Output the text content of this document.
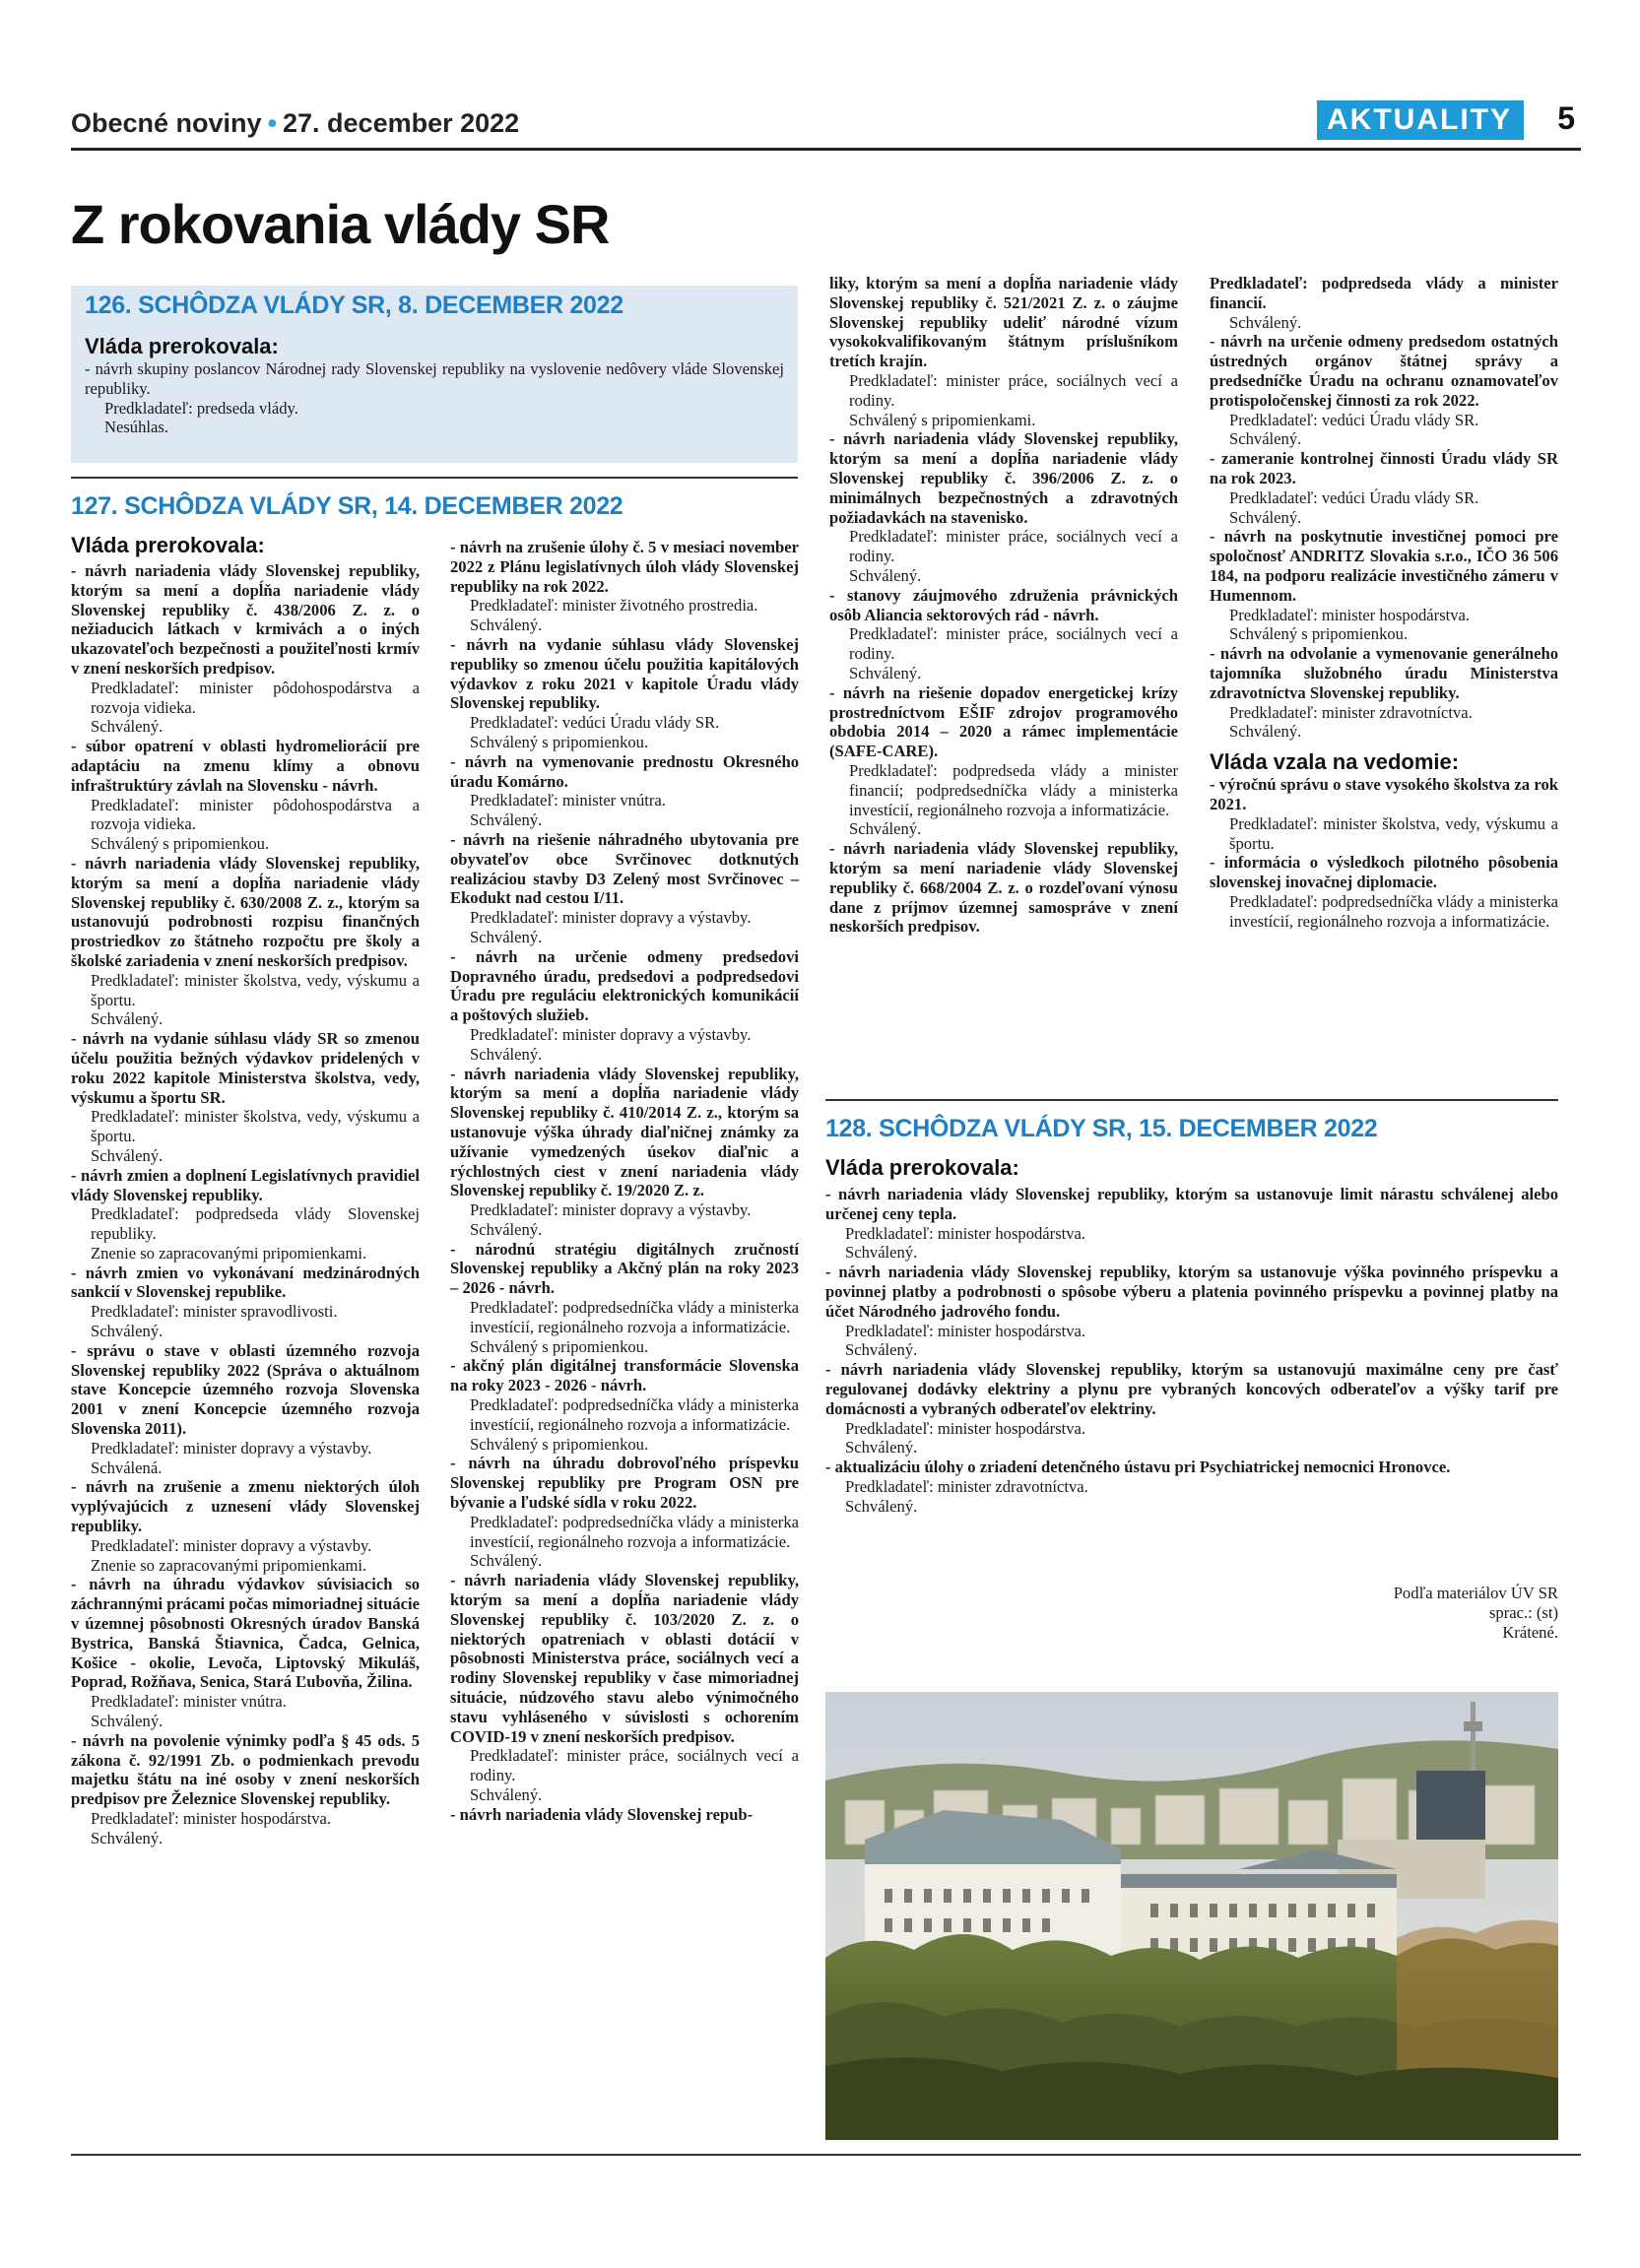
Obecné noviny • 27. december 2022	AKTUALITY	5
Z rokovania vlády SR
126. SCHÔDZA VLÁDY SR, 8. DECEMBER 2022
Vláda prerokovala:

- návrh skupiny poslancov Národnej rady Slovenskej republiky na vyslovenie nedôvery vláde Slovenskej republiky.

Predkladateľ: predseda vlády.

Nesúhlas.

127. SCHÔDZA VLÁDY SR, 14. DECEMBER 2022
Vláda prerokovala:

- návrh nariadenia vlády Slovenskej republiky, ktorým sa mení a dopĺňa nariadenie vlády Slovenskej republiky č. 438/2006 Z. z. o nežiaducich látkach v krmivách a o iných ukazovateľoch bezpečnosti a použiteľnosti krmív v znení neskorších predpisov.

Predkladateľ: minister pôdohospodárstva a rozvoja vidieka.

Schválený.

- súbor opatrení v oblasti hydromeliorácií pre adaptáciu na zmenu klímy a obnovu infraštruktúry závlah na Slovensku - návrh.

Predkladateľ: minister pôdohospodárstva a rozvoja vidieka.

Schválený s pripomienkou.

- návrh nariadenia vlády Slovenskej republiky, ktorým sa mení a dopĺňa nariadenie vlády Slovenskej republiky č. 630/2008 Z. z., ktorým sa ustanovujú podrobnosti rozpisu finančných prostriedkov zo štátneho rozpočtu pre školy a školské zariadenia v znení neskorších predpisov.

Predkladateľ: minister školstva, vedy, výskumu a športu.

Schválený.

- návrh na vydanie súhlasu vlády SR so zmenou účelu použitia bežných výdavkov pridelených v roku 2022 kapitole Ministerstva školstva, vedy, výskumu a športu SR.

Predkladateľ: minister školstva, vedy, výskumu a športu.

Schválený.

- návrh zmien a doplnení Legislatívnych pravidiel vlády Slovenskej republiky.

Predkladateľ: podpredseda vlády Slovenskej republiky.

Znenie so zapracovanými pripomienkami.

- návrh zmien vo vykonávaní medzinárodných sankcií v Slovenskej republike.

Predkladateľ: minister spravodlivosti.

Schválený.

- správu o stave v oblasti územného rozvoja Slovenskej republiky 2022 (Správa o aktuálnom stave Koncepcie územného rozvoja Slovenska 2001 v znení Koncepcie územného rozvoja Slovenska 2011).

Predkladateľ: minister dopravy a výstavby.

Schválená.

- návrh na zrušenie a zmenu niektorých úloh vyplývajúcich z uznesení vlády Slovenskej republiky.

Predkladateľ: minister dopravy a výstavby.

Znenie so zapracovanými pripomienkami.

- návrh na úhradu výdavkov súvisiacich so záchrannými prácami počas mimoriadnej situácie v územnej pôsobnosti Okresných úradov Banská Bystrica, Banská Štiavnica, Čadca, Gelnica, Košice - okolie, Levoča, Liptovský Mikuláš, Poprad, Rožňava, Senica, Stará Ľubovňa, Žilina.

Predkladateľ: minister vnútra.

Schválený.

- návrh na povolenie výnimky podľa § 45 ods. 5 zákona č. 92/1991 Zb. o podmienkach prevodu majetku štátu na iné osoby v znení neskorších predpisov pre Železnice Slovenskej republiky.

Predkladateľ: minister hospodárstva.

Schválený.

- návrh na zrušenie úlohy č. 5 v mesiaci november 2022 z Plánu legislatívnych úloh vlády Slovenskej republiky na rok 2022.

Predkladateľ: minister životného prostredia.

Schválený.

- návrh na vydanie súhlasu vlády Slovenskej republiky so zmenou účelu použitia kapitálových výdavkov z roku 2021 v kapitole Úradu vlády Slovenskej republiky.

Predkladateľ: vedúci Úradu vlády SR.

Schválený s pripomienkou.

- návrh na vymenovanie prednostu Okresného úradu Komárno.

Predkladateľ: minister vnútra.

Schválený.

- návrh na riešenie náhradného ubytovania pre obyvateľov obce Svrčinovec dotknutých realizáciou stavby D3 Zelený most Svrčinovec – Ekodukt nad cestou I/11.

Predkladateľ: minister dopravy a výstavby.

Schválený.

- návrh na určenie odmeny predsedovi Dopravného úradu, predsedovi a podpredsedovi Úradu pre reguláciu elektronických komunikácií a poštových služieb.

Predkladateľ: minister dopravy a výstavby.

Schválený.

- návrh nariadenia vlády Slovenskej republiky, ktorým sa mení a dopĺňa nariadenie vlády Slovenskej republiky č. 410/2014 Z. z., ktorým sa ustanovuje výška úhrady diaľničnej známky za užívanie vymedzených úsekov diaľnic a rýchlostných ciest v znení nariadenia vlády Slovenskej republiky č. 19/2020 Z. z.

Predkladateľ: minister dopravy a výstavby.

Schválený.

- národnú stratégiu digitálnych zručností Slovenskej republiky a Akčný plán na roky 2023 – 2026 - návrh.

Predkladateľ: podpredsedníčka vlády a ministerka investícií, regionálneho rozvoja a informatizácie.

Schválený s pripomienkou.

- akčný plán digitálnej transformácie Slovenska na roky 2023 - 2026 - návrh.

Predkladateľ: podpredsedníčka vlády a ministerka investícií, regionálneho rozvoja a informatizácie.

Schválený s pripomienkou.

- návrh na úhradu dobrovoľného príspevku Slovenskej republiky pre Program OSN pre bývanie a ľudské sídla v roku 2022.

Predkladateľ: podpredsedníčka vlády a ministerka investícií, regionálneho rozvoja a informatizácie.

Schválený.

- návrh nariadenia vlády Slovenskej republiky, ktorým sa mení a dopĺňa nariadenie vlády Slovenskej republiky č. 103/2020 Z. z. o niektorých opatreniach v oblasti dotácií v pôsobnosti Ministerstva práce, sociálnych vecí a rodiny Slovenskej republiky v čase mimoriadnej situácie, núdzového stavu alebo výnimočného stavu vyhláseného v súvislosti s ochorením COVID-19 v znení neskorších predpisov.

Predkladateľ: minister práce, sociálnych vecí a rodiny.

Schválený.

- návrh nariadenia vlády Slovenskej repub-

liky, ktorým sa mení a dopĺňa nariadenie vlády Slovenskej republiky č. 521/2021 Z. z. o záujme Slovenskej republiky udeliť národné vízum vysokokvalifikovaným štátnym príslušníkom tretích krajín.

Predkladateľ: minister práce, sociálnych vecí a rodiny.

Schválený s pripomienkami.

- návrh nariadenia vlády Slovenskej republiky, ktorým sa mení a dopĺňa nariadenie vlády Slovenskej republiky č. 396/2006 Z. z. o minimálnych bezpečnostných a zdravotných požiadavkách na stavenisko.

Predkladateľ: minister práce, sociálnych vecí a rodiny.

Schválený.

- stanovy záujmového združenia právnických osôb Aliancia sektorových rád - návrh.

Predkladateľ: minister práce, sociálnych vecí a rodiny.

Schválený.

- návrh na riešenie dopadov energetickej krízy prostredníctvom EŠIF zdrojov programového obdobia 2014 – 2020 a rámec implementácie (SAFE-CARE).

Predkladateľ: podpredseda vlády a minister financií; podpredsedníčka vlády a ministerka investícií, regionálneho rozvoja a informatizácie.

Schválený.

- návrh nariadenia vlády Slovenskej republiky, ktorým sa mení nariadenie vlády Slovenskej republiky č. 668/2004 Z. z. o rozdeľovaní výnosu dane z príjmov územnej samospráve v znení neskorších predpisov.

Predkladateľ: podpredseda vlády a minister financií.

Schválený.

- návrh na určenie odmeny predsedom ostatných ústredných orgánov štátnej správy a predsedníčke Úradu na ochranu oznamovateľov protispoločenskej činnosti za rok 2022.

Predkladateľ: vedúci Úradu vlády SR.

Schválený.

- zameranie kontrolnej činnosti Úradu vlády SR na rok 2023.

Predkladateľ: vedúci Úradu vlády SR.

Schválený.

- návrh na poskytnutie investičnej pomoci pre spoločnosť ANDRITZ Slovakia s.r.o., IČO 36 506 184, na podporu realizácie investičného zámeru v Humennom.

Predkladateľ: minister hospodárstva.

Schválený s pripomienkou.

- návrh na odvolanie a vymenovanie generálneho tajomníka služobného úradu Ministerstva zdravotníctva Slovenskej republiky.

Predkladateľ: minister zdravotníctva.

Schválený.

Vláda vzala na vedomie:

- výročnú správu o stave vysokého školstva za rok 2021.

Predkladateľ: minister školstva, vedy, výskumu a športu.

- informácia o výsledkoch pilotného pôsobenia slovenskej inovačnej diplomacie.

Predkladateľ: podpredsedníčka vlády a ministerka investícií, regionálneho rozvoja a informatizácie.

128. SCHÔDZA VLÁDY SR, 15. DECEMBER 2022
Vláda prerokovala:

- návrh nariadenia vlády Slovenskej republiky, ktorým sa ustanovuje limit nárastu schválenej alebo určenej ceny tepla.

Predkladateľ: minister hospodárstva.

Schválený.

- návrh nariadenia vlády Slovenskej republiky, ktorým sa ustanovuje výška povinného príspevku a povinnej platby a podrobnosti o spôsobe výberu a platenia povinného príspevku a povinnej platby na účet Národného jadrového fondu.

Predkladateľ: minister hospodárstva.

Schválený.

- návrh nariadenia vlády Slovenskej republiky, ktorým sa ustanovujú maximálne ceny pre časť regulovanej dodávky elektriny a plynu pre vybraných koncových odberateľov a výšky tarif pre domácnosti a vybraných odberateľov elektriny.

Predkladateľ: minister hospodárstva.

Schválený.

- aktualizáciu úlohy o zriadení detenčného ústavu pri Psychiatrickej nemocnici Hronovce.

Predkladateľ: minister zdravotníctva.

Schválený.

Podľa materiálov ÚV SR
sprac.: (st)
Krátené.
